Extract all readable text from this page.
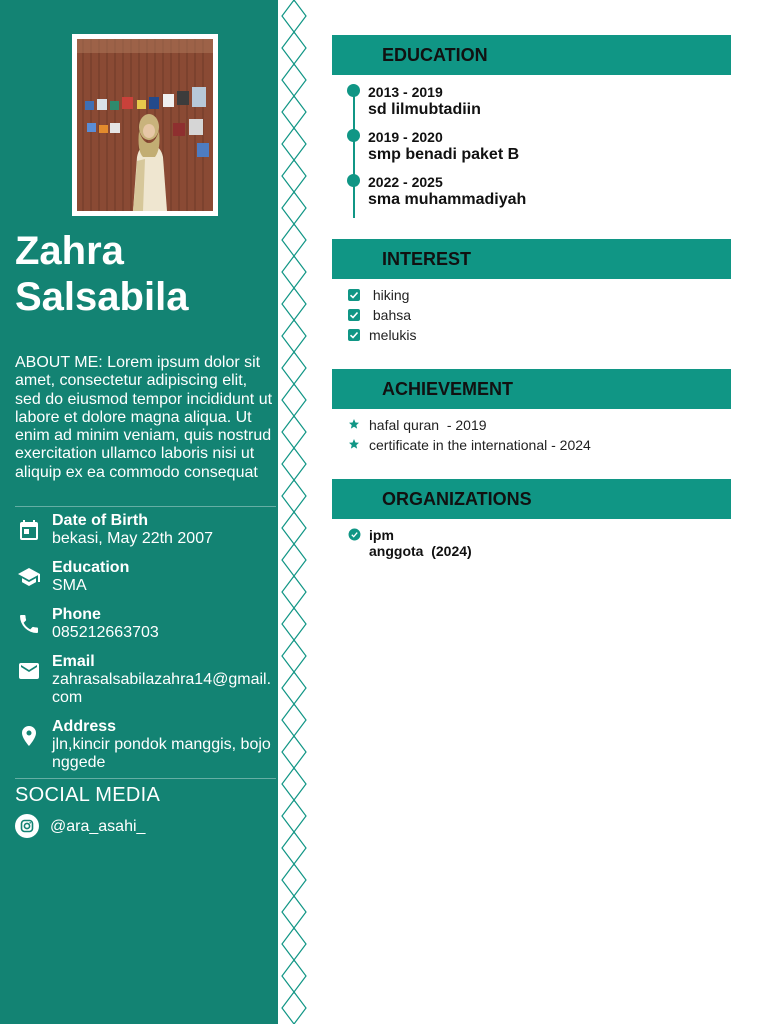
Zahra Salsabila
ABOUT ME: Lorem ipsum dolor sit amet, consectetur adipiscing elit, sed do eiusmod tempor incididunt ut labore et dolore magna aliqua. Ut enim ad minim veniam, quis nostrud exercitation ullamco laboris nisi ut aliquip ex ea commodo consequat
Date of Birth
bekasi, May 22th 2007
Education
SMA
Phone
085212663703
Email
zahrasalsabilazahra14@gmail.com
Address
jln,kincir pondok manggis, bojonggede
SOCIAL MEDIA
@ara_asahi_
EDUCATION
2013 - 2019
sd lilmubtadiin
2019 - 2020
smp benadi paket B
2022 - 2025
sma muhammadiyah
INTEREST
hiking
bahsa
melukis
ACHIEVEMENT
hafal quran  - 2019
certificate in the international - 2024
ORGANIZATIONS
ipm
anggota  (2024)
